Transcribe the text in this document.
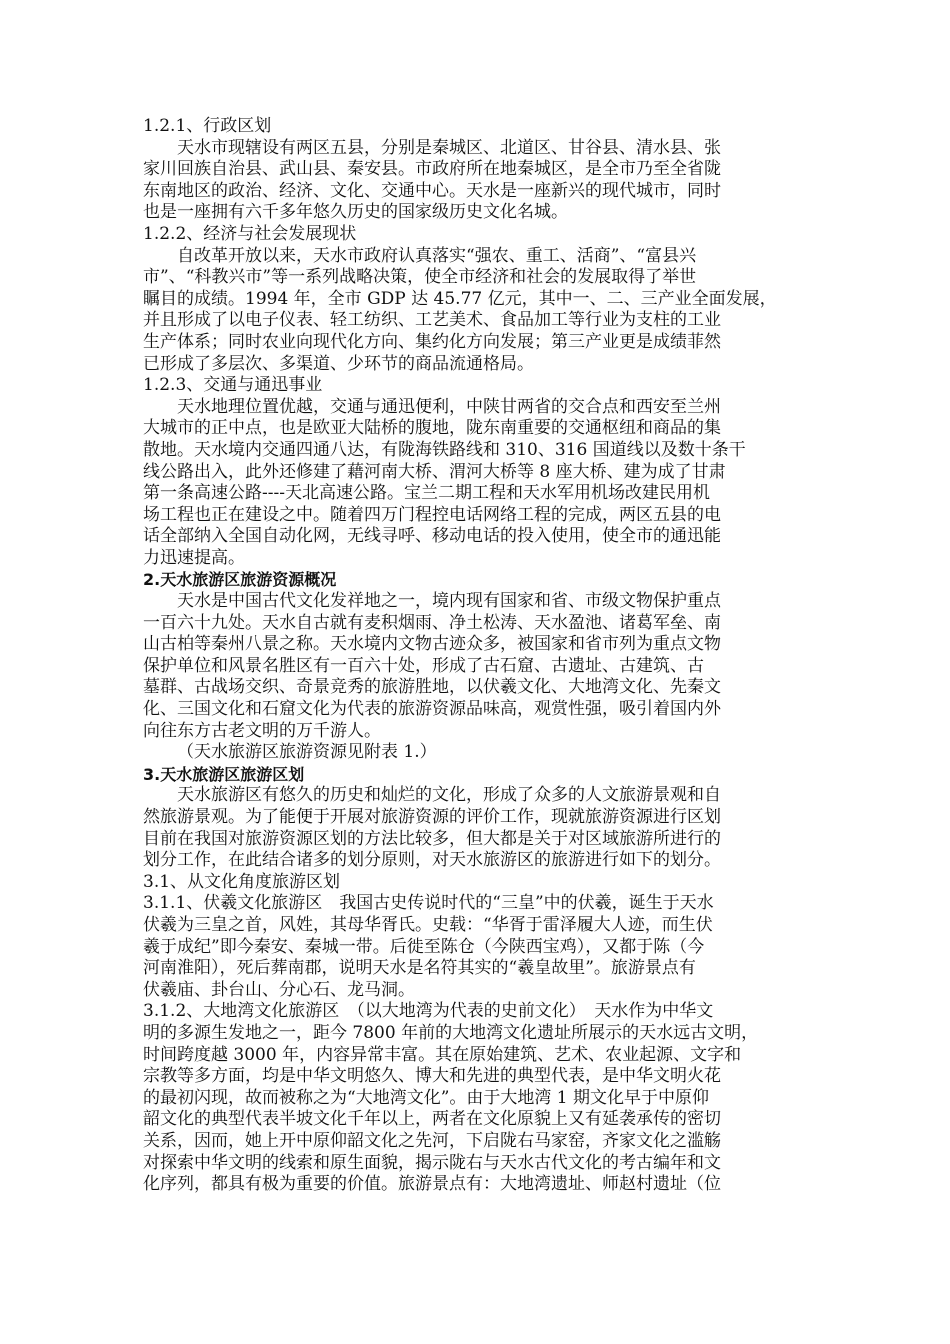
1.2.1、行政区划
天水市现辖设有两区五县，分别是秦城区、北道区、甘谷县、清水县、张
家川回族自治县、武山县、秦安县。市政府所在地秦城区，是全市乃至全省陇
东南地区的政治、经济、文化、交通中心。天水是一座新兴的现代城市，同时
也是一座拥有六千多年悠久历史的国家级历史文化名城。
1.2.2、经济与社会发展现状
自改革开放以来，天水市政府认真落实“强农、重工、活商”、“富县兴
市”、“科教兴市”等一系列战略决策，使全市经济和社会的发展取得了举世
瞩目的成绩。1994 年，全市 GDP 达 45.77 亿元，其中一、二、三产业全面发展，
并且形成了以电子仪表、轻工纺织、工艺美术、食品加工等行业为支柱的工业
生产体系；同时农业向现代化方向、集约化方向发展；第三产业更是成绩菲然
已形成了多层次、多渠道、少环节的商品流通格局。
1.2.3、交通与通迅事业
天水地理位置优越，交通与通迅便利，中陕甘两省的交合点和西安至兰州
大城市的正中点，也是欧亚大陆桥的腹地，陇东南重要的交通枢纽和商品的集
散地。天水境内交通四通八达，有陇海铁路线和 310、316 国道线以及数十条干
线公路出入，此外还修建了藉河南大桥、渭河大桥等 8 座大桥、建为成了甘肃
第一条高速公路----天北高速公路。宝兰二期工程和天水军用机场改建民用机
场工程也正在建设之中。随着四万门程控电话网络工程的完成，两区五县的电
话全部纳入全国自动化网，无线寻呼、移动电话的投入使用，使全市的通迅能
力迅速提高。
2.天水旅游区旅游资源概况
天水是中国古代文化发祥地之一，境内现有国家和省、市级文物保护重点
一百六十九处。天水自古就有麦积烟雨、净土松涛、天水盈池、诸葛军垒、南
山古柏等秦州八景之称。天水境内文物古迹众多，被国家和省市列为重点文物
保护单位和风景名胜区有一百六十处，形成了古石窟、古遗址、古建筑、古
墓群、古战场交织、奇景竞秀的旅游胜地，以伏羲文化、大地湾文化、先秦文
化、三国文化和石窟文化为代表的旅游资源品味高，观赏性强，吸引着国内外
向往东方古老文明的万千游人。
（天水旅游区旅游资源见附表 1.）
3.天水旅游区旅游区划
天水旅游区有悠久的历史和灿烂的文化，形成了众多的人文旅游景观和自
然旅游景观。为了能便于开展对旅游资源的评价工作，现就旅游资源进行区划
目前在我国对旅游资源区划的方法比较多，但大都是关于对区域旅游所进行的
划分工作，在此结合诸多的划分原则，对天水旅游区的旅游进行如下的划分。
3.1、从文化角度旅游区划
3.1.1、伏羲文化旅游区　我国古史传说时代的“三皇”中的伏羲，诞生于天水
伏羲为三皇之首，风姓，其母华胥氏。史载：“华胥于雷泽履大人迹，而生伏
羲于成纪”即今秦安、秦城一带。后徙至陈仓（今陕西宝鸡），又都于陈（今
河南淮阳），死后葬南郡，说明天水是名符其实的“羲皇故里”。旅游景点有
伏羲庙、卦台山、分心石、龙马洞。
3.1.2、大地湾文化旅游区　（以大地湾为代表的史前文化）　天水作为中华文
明的多源生发地之一，距今 7800 年前的大地湾文化遗址所展示的天水远古文明，
时间跨度越 3000 年，内容异常丰富。其在原始建筑、艺术、农业起源、文字和
宗教等多方面，均是中华文明悠久、博大和先进的典型代表，是中华文明火花
的最初闪现，故而被称之为“大地湾文化”。由于大地湾 1 期文化早于中原仰
韶文化的典型代表半坡文化千年以上，两者在文化原貌上又有延袭承传的密切
关系，因而，她上开中原仰韶文化之先河，下启陇右马家窑，齐家文化之滥觞
对探索中华文明的线索和原生面貌，揭示陇右与天水古代文化的考古编年和文
化序列，都具有极为重要的价值。旅游景点有：大地湾遗址、师赵村遗址（位
